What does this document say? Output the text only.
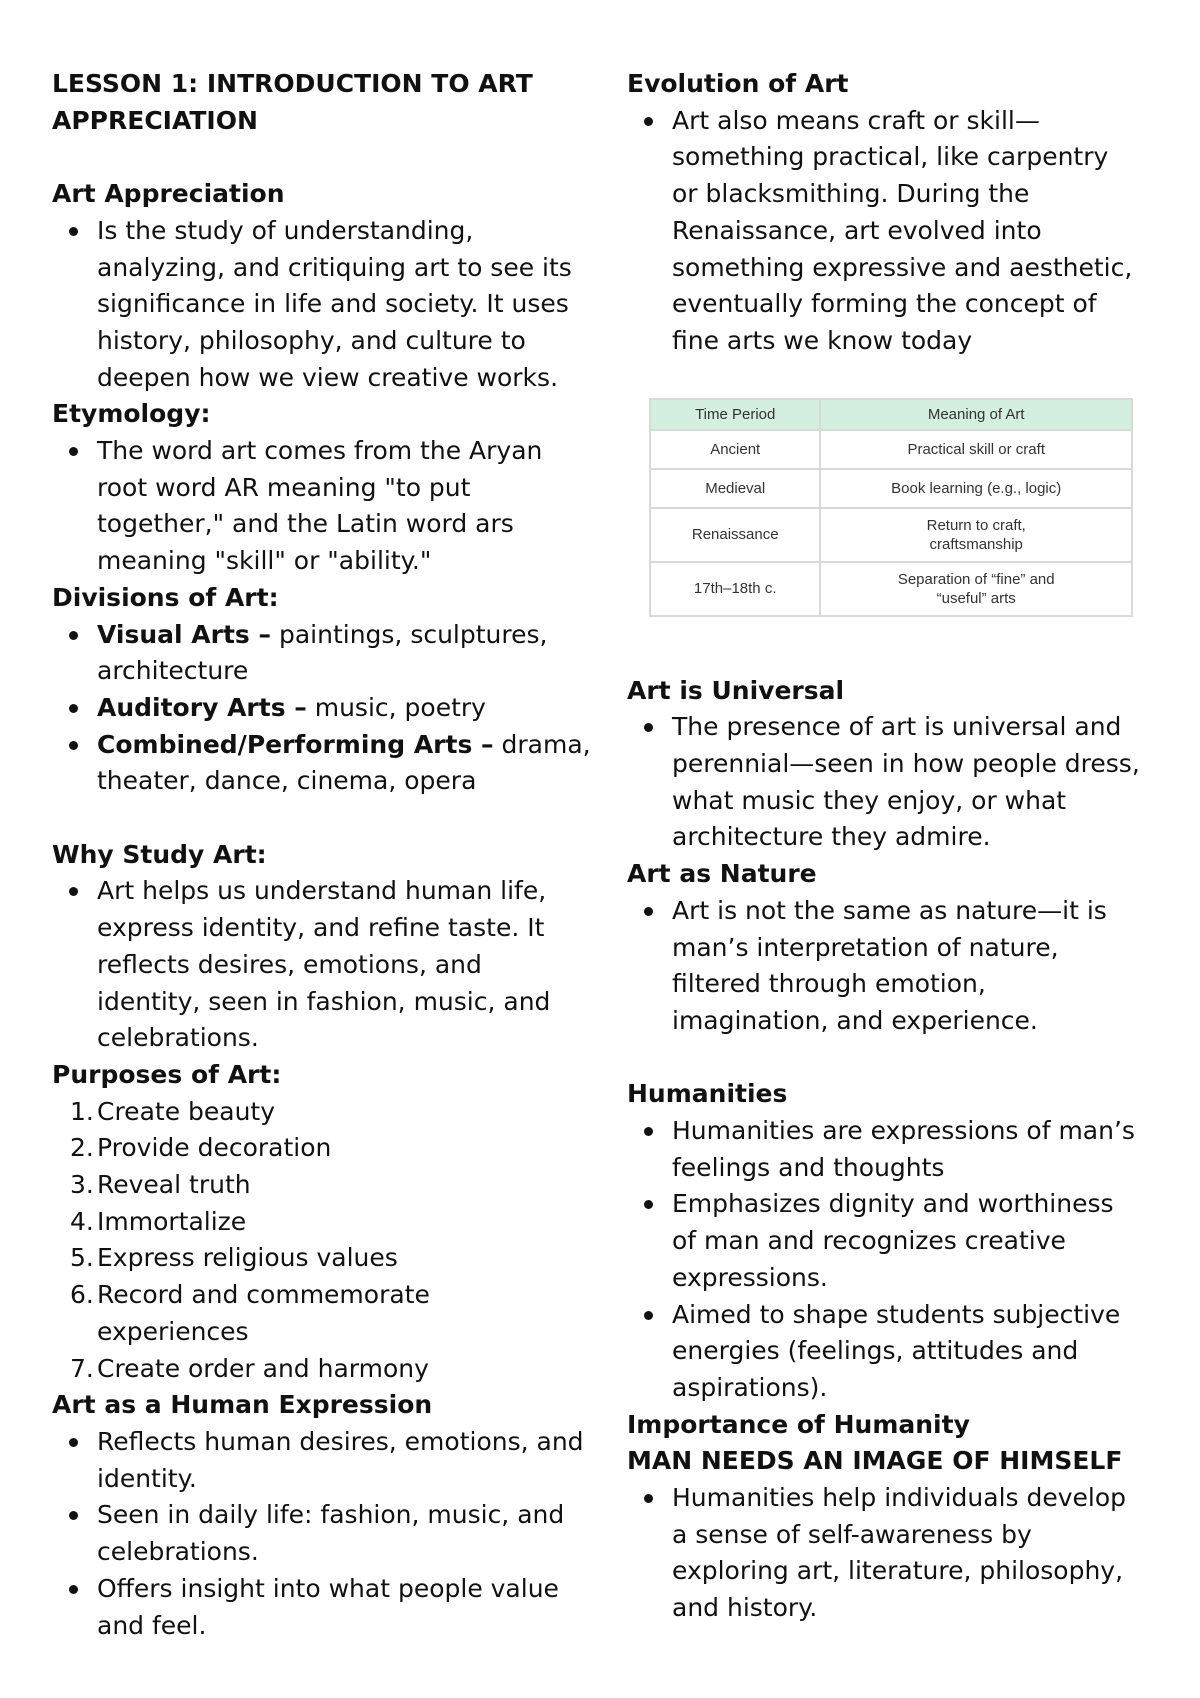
LESSON 1: INTRODUCTION TO ART

APPRECIATION

Art Appreciation

Is the study of understanding,
analyzing, and critiquing art to see its
significance in life and society. It uses
history, philosophy, and culture to
deepen how we view creative works.

Etymology:

The word art comes from the Aryan
root word AR meaning "to put
together," and the Latin word ars
meaning "skill" or "ability."

Divisions of Art:

Visual Arts – paintings, sculptures,
architecture
Auditory Arts – music, poetry
Combined/Performing Arts – drama,
theater, dance, cinema, opera

Why Study Art:

Art helps us understand human life,
express identity, and refine taste. It
reflects desires, emotions, and
identity, seen in fashion, music, and
celebrations.

Purposes of Art:

1. Create beauty
2. Provide decoration
3. Reveal truth
4. Immortalize
5. Express religious values
6. Record and commemorate
experiences
7. Create order and harmony

Art as a Human Expression

Reflects human desires, emotions, and
identity.
Seen in daily life: fashion, music, and
celebrations.
Offers insight into what people value
and feel.

Evolution of Art

Art also means craft or skill—
something practical, like carpentry
or blacksmithing. During the
Renaissance, art evolved into
something expressive and aesthetic,
eventually forming the concept of
fine arts we know today
Time Period	Meaning of Art
Ancient	Practical skill or craft
Medieval	Book learning (e.g., logic)
Renaissance	Return to craft,
craftsmanship
17th–18th c.	Separation of “fine” and
“useful” arts

Art is Universal

The presence of art is universal and
perennial—seen in how people dress,
what music they enjoy, or what
architecture they admire.

Art as Nature

Art is not the same as nature—it is
man’s interpretation of nature,
filtered through emotion,
imagination, and experience.

Humanities

Humanities are expressions of man’s
feelings and thoughts
Emphasizes dignity and worthiness
of man and recognizes creative
expressions.
Aimed to shape students subjective
energies (feelings, attitudes and
aspirations).

Importance of Humanity

MAN NEEDS AN IMAGE OF HIMSELF

Humanities help individuals develop
a sense of self-awareness by
exploring art, literature, philosophy,
and history.
